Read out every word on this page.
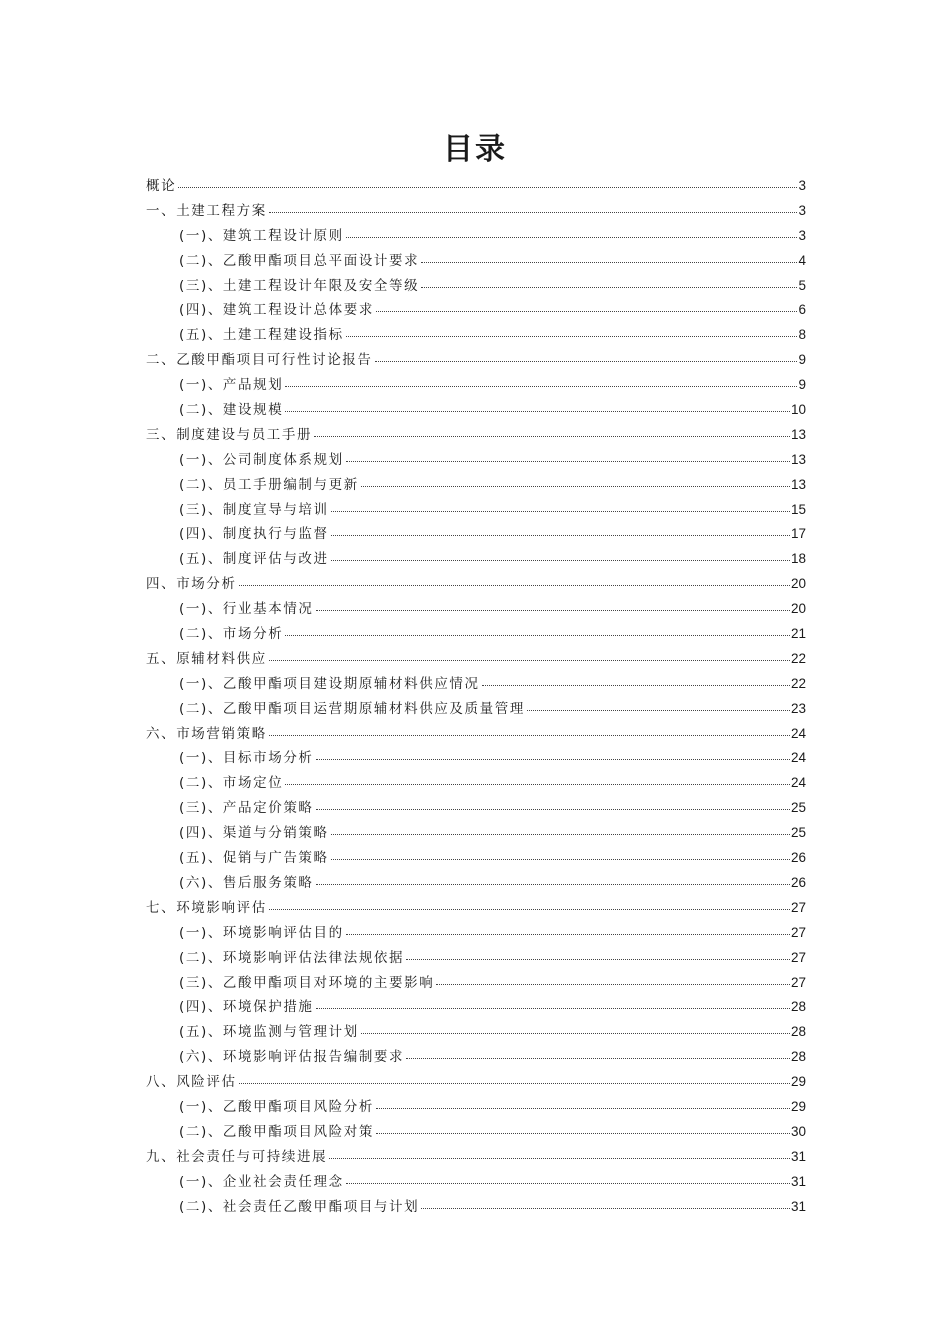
目录
概论	3
一、土建工程方案	3
(一)、建筑工程设计原则	3
(二)、乙酸甲酯项目总平面设计要求	4
(三)、土建工程设计年限及安全等级	5
(四)、建筑工程设计总体要求	6
(五)、土建工程建设指标	8
二、乙酸甲酯项目可行性讨论报告	9
(一)、产品规划	9
(二)、建设规模	10
三、制度建设与员工手册	13
(一)、公司制度体系规划	13
(二)、员工手册编制与更新	13
(三)、制度宣导与培训	15
(四)、制度执行与监督	17
(五)、制度评估与改进	18
四、市场分析	20
(一)、行业基本情况	20
(二)、市场分析	21
五、原辅材料供应	22
(一)、乙酸甲酯项目建设期原辅材料供应情况	22
(二)、乙酸甲酯项目运营期原辅材料供应及质量管理	23
六、市场营销策略	24
(一)、目标市场分析	24
(二)、市场定位	24
(三)、产品定价策略	25
(四)、渠道与分销策略	25
(五)、促销与广告策略	26
(六)、售后服务策略	26
七、环境影响评估	27
(一)、环境影响评估目的	27
(二)、环境影响评估法律法规依据	27
(三)、乙酸甲酯项目对环境的主要影响	27
(四)、环境保护措施	28
(五)、环境监测与管理计划	28
(六)、环境影响评估报告编制要求	28
八、风险评估	29
(一)、乙酸甲酯项目风险分析	29
(二)、乙酸甲酯项目风险对策	30
九、社会责任与可持续进展	31
(一)、企业社会责任理念	31
(二)、社会责任乙酸甲酯项目与计划	31
